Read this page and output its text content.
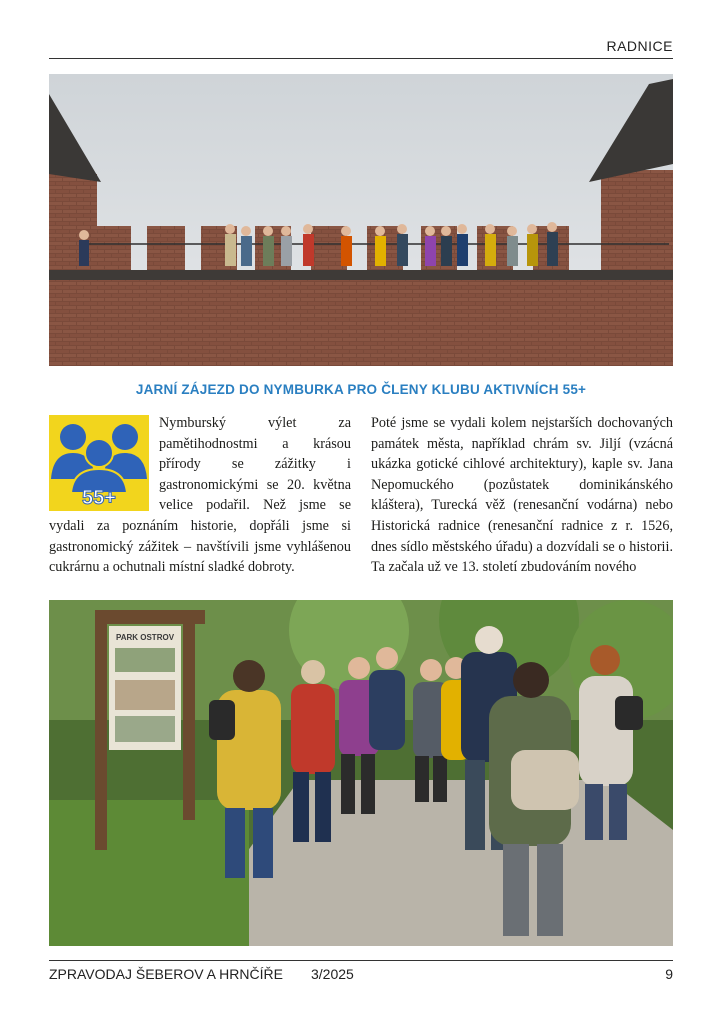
RADNICE
JARNÍ ZÁJEZD DO NYMBURKA PRO ČLENY KLUBU AKTIVNÍCH 55+
55+

Nymburský výlet za pamětihodnostmi a krásou přírody se zážitky i gastronomickými se 20. května velice podařil. Než jsme se vydali za poznáním historie, dopřáli jsme si gastronomický zážitek – navštívili jsme vyhlášenou cukrárnu a ochutnali místní sladké dobroty.

Poté jsme se vydali kolem nejstarších dochovaných památek města, například chrám sv. Jiljí (vzácná ukázka gotické cihlové architektury), kaple sv. Jana Nepomuckého (pozůstatek dominikánského kláštera), Turecká věž (renesanční vodárna) nebo Historická radnice (renesanční radnice z r. 1526, dnes sídlo městského úřadu) a dozvídali se o historii. Ta začala už ve 13. století zbudováním nového

PARK OSTROV
ZPRAVODAJ ŠEBEROV A HRNČÍŘE 3/2025	9
